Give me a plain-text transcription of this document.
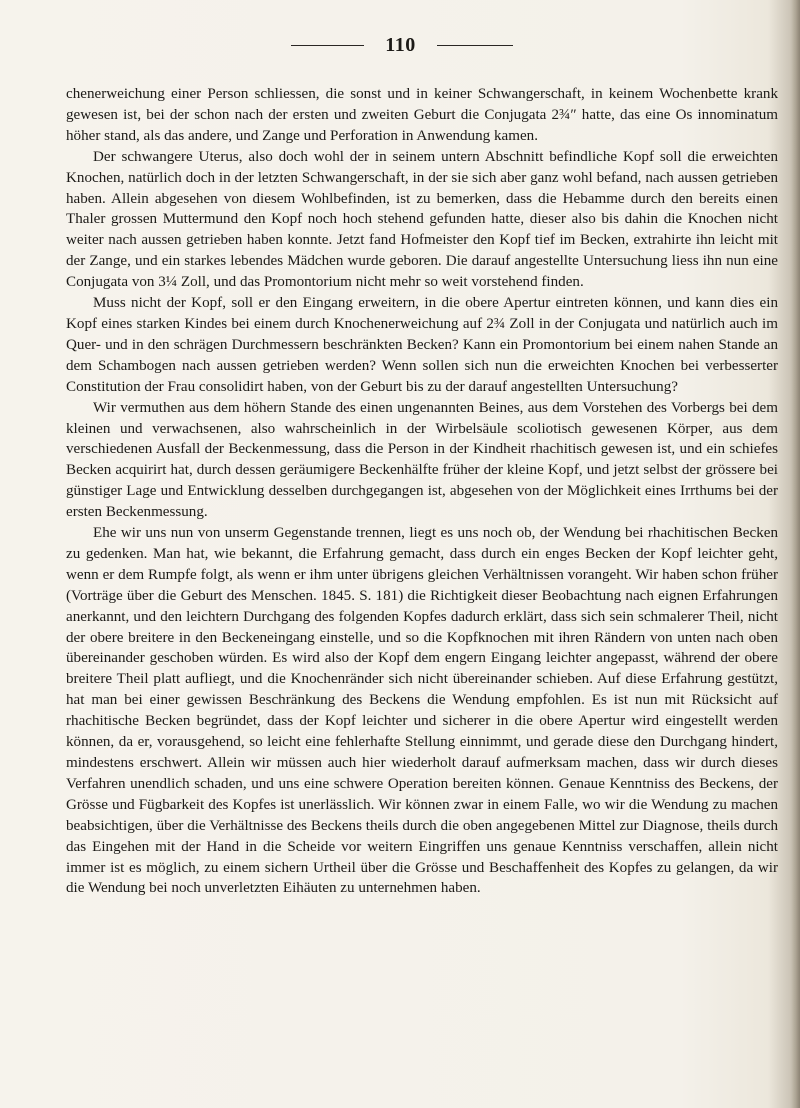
110

chenerweichung einer Person schliessen, die sonst und in keiner Schwangerschaft, in keinem Wochenbette krank gewesen ist, bei der schon nach der ersten und zweiten Geburt die Conjugata 2¾″ hatte, das eine Os innominatum höher stand, als das andere, und Zange und Perforation in Anwendung kamen.

Der schwangere Uterus, also doch wohl der in seinem untern Abschnitt befindliche Kopf soll die erweichten Knochen, natürlich doch in der letzten Schwangerschaft, in der sie sich aber ganz wohl befand, nach aussen getrieben haben. Allein abgesehen von diesem Wohlbefinden, ist zu bemerken, dass die Hebamme durch den bereits einen Thaler grossen Muttermund den Kopf noch hoch stehend gefunden hatte, dieser also bis dahin die Knochen nicht weiter nach aussen getrieben haben konnte. Jetzt fand Hofmeister den Kopf tief im Becken, extrahirte ihn leicht mit der Zange, und ein starkes lebendes Mädchen wurde geboren. Die darauf angestellte Untersuchung liess ihn nun eine Conjugata von 3¼ Zoll, und das Promontorium nicht mehr so weit vorstehend finden.

Muss nicht der Kopf, soll er den Eingang erweitern, in die obere Apertur eintreten können, und kann dies ein Kopf eines starken Kindes bei einem durch Knochenerweichung auf 2¾ Zoll in der Conjugata und natürlich auch im Quer- und in den schrägen Durchmessern beschränkten Becken? Kann ein Promontorium bei einem nahen Stande an dem Schambogen nach aussen getrieben werden? Wenn sollen sich nun die erweichten Knochen bei verbesserter Constitution der Frau consolidirt haben, von der Geburt bis zu der darauf angestellten Untersuchung?

Wir vermuthen aus dem höhern Stande des einen ungenannten Beines, aus dem Vorstehen des Vorbergs bei dem kleinen und verwachsenen, also wahrscheinlich in der Wirbelsäule scoliotisch gewesenen Körper, aus dem verschiedenen Ausfall der Beckenmessung, dass die Person in der Kindheit rhachitisch gewesen ist, und ein schiefes Becken acquirirt hat, durch dessen geräumigere Beckenhälfte früher der kleine Kopf, und jetzt selbst der grössere bei günstiger Lage und Entwicklung desselben durchgegangen ist, abgesehen von der Möglichkeit eines Irrthums bei der ersten Beckenmessung.

Ehe wir uns nun von unserm Gegenstande trennen, liegt es uns noch ob, der Wendung bei rhachitischen Becken zu gedenken. Man hat, wie bekannt, die Erfahrung gemacht, dass durch ein enges Becken der Kopf leichter geht, wenn er dem Rumpfe folgt, als wenn er ihm unter übrigens gleichen Verhältnissen vorangeht. Wir haben schon früher (Vorträge über die Geburt des Menschen. 1845. S. 181) die Richtigkeit dieser Beobachtung nach eignen Erfahrungen anerkannt, und den leichtern Durchgang des folgenden Kopfes dadurch erklärt, dass sich sein schmalerer Theil, nicht der obere breitere in den Beckeneingang einstelle, und so die Kopfknochen mit ihren Rändern von unten nach oben übereinander geschoben würden. Es wird also der Kopf dem engern Eingang leichter angepasst, während der obere breitere Theil platt aufliegt, und die Knochenränder sich nicht übereinander schieben. Auf diese Erfahrung gestützt, hat man bei einer gewissen Beschränkung des Beckens die Wendung empfohlen. Es ist nun mit Rücksicht auf rhachitische Becken begründet, dass der Kopf leichter und sicherer in die obere Apertur wird eingestellt werden können, da er, vorausgehend, so leicht eine fehlerhafte Stellung einnimmt, und gerade diese den Durchgang hindert, mindestens erschwert. Allein wir müssen auch hier wiederholt darauf aufmerksam machen, dass wir durch dieses Verfahren unendlich schaden, und uns eine schwere Operation bereiten können. Genaue Kenntniss des Beckens, der Grösse und Fügbarkeit des Kopfes ist unerlässlich. Wir können zwar in einem Falle, wo wir die Wendung zu machen beabsichtigen, über die Verhältnisse des Beckens theils durch die oben angegebenen Mittel zur Diagnose, theils durch das Eingehen mit der Hand in die Scheide vor weitern Eingriffen uns genaue Kenntniss verschaffen, allein nicht immer ist es möglich, zu einem sichern Urtheil über die Grösse und Beschaffenheit des Kopfes zu gelangen, da wir die Wendung bei noch unverletzten Eihäuten zu unternehmen haben.
